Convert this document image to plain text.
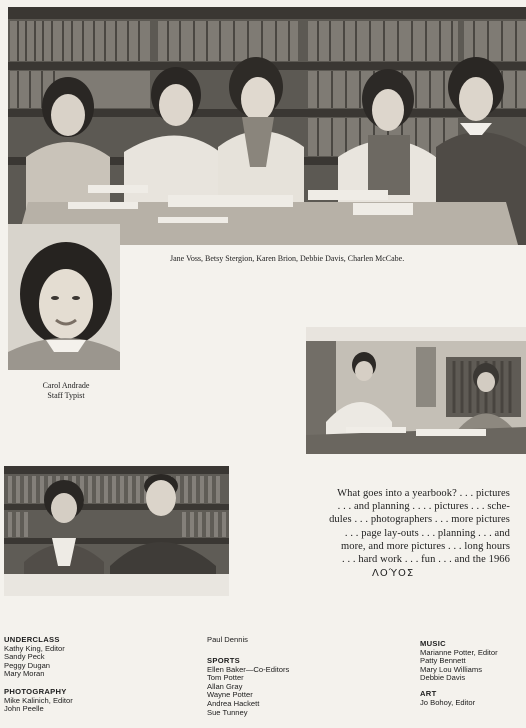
Jane Voss, Betsy Stergion, Karen Brion, Debbie Davis, Charlen McCabe.
Carol Andrade
Staff Typist
What goes into a yearbook? . . . pictures
. . . and planning . . . . pictures . . . sche-
dules . . . photographers . . . more pictures
. . . page lay-outs . . . planning . . . and
more, and more pictures . . . long hours
. . . hard work . . . fun . . . and the 1966
ΛΟΎΟΣ
UNDERCLASS
Kathy King, Editor
Sandy Peck
Peggy Dugan
Mary Moran
PHOTOGRAPHY
Mike Kalinich, Editor
John Peelle
Paul Dennis
SPORTS
Ellen Baker—Co-Editors
Tom Potter
Allan Gray
Wayne Potter
Andrea Hackett
Sue Tunney
MUSIC
Marianne Potter, Editor
Patty Bennett
Mary Lou Williams
Debbie Davis
ART
Jo Bohoy, Editor
